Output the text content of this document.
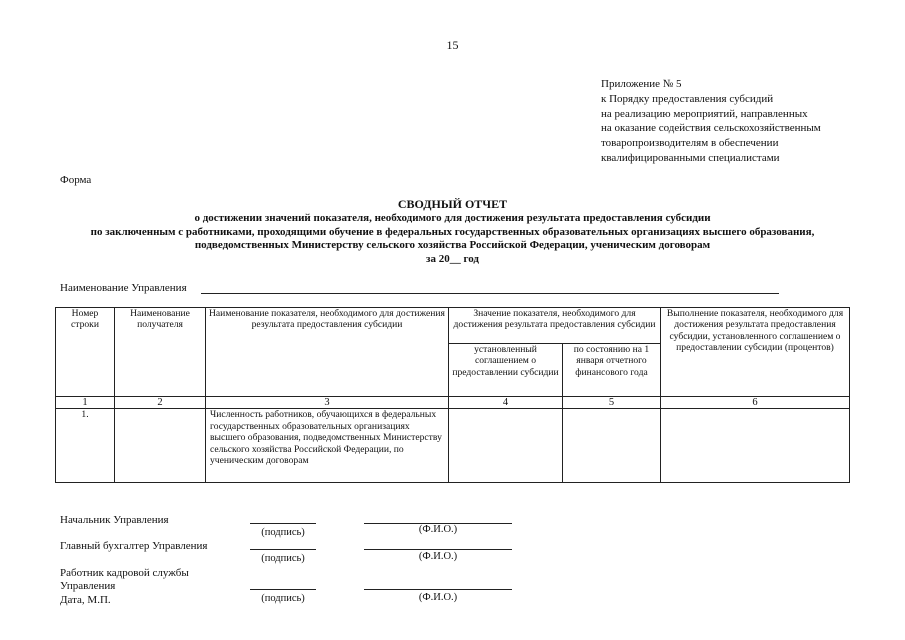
15
Приложение № 5
к Порядку предоставления субсидий
на реализацию мероприятий, направленных
на оказание содействия сельскохозяйственным
товаропроизводителям в обеспечении
квалифицированными специалистами
Форма
СВОДНЫЙ ОТЧЕТ
о достижении значений показателя, необходимого для достижения результата предоставления субсидии
по заключенным с работниками, проходящими обучение в федеральных государственных образовательных организациях высшего образования,
подведомственных Министерству сельского хозяйства Российской Федерации, ученическим договорам
за 20__ год
Наименование Управления
Номер строки	Наименование получателя	Наименование показателя, необходимого для достижения результата предоставления субсидии	Значение показателя, необходимого для достижения результата предоставления субсидии		Выполнение показателя, необходимого для достижения результата предоставления субсидии, установленного соглашением о предоставлении субсидии (процентов)
			установленный соглашением о предоставлении субсидии	по состоянию на 1 января отчетного финансового года	
1	2	3	4	5	6
1.		Численность работников, обучающихся в федеральных государственных образовательных организациях высшего образования, подведомственных Министерству сельского хозяйства Российской Федерации, по ученическим договорам			
Начальник Управления
(подпись)	(Ф.И.О.)
Главный бухгалтер Управления
(подпись)	(Ф.И.О.)
Работник кадровой службы
Управления
(подпись)	(Ф.И.О.)
Дата, М.П.
